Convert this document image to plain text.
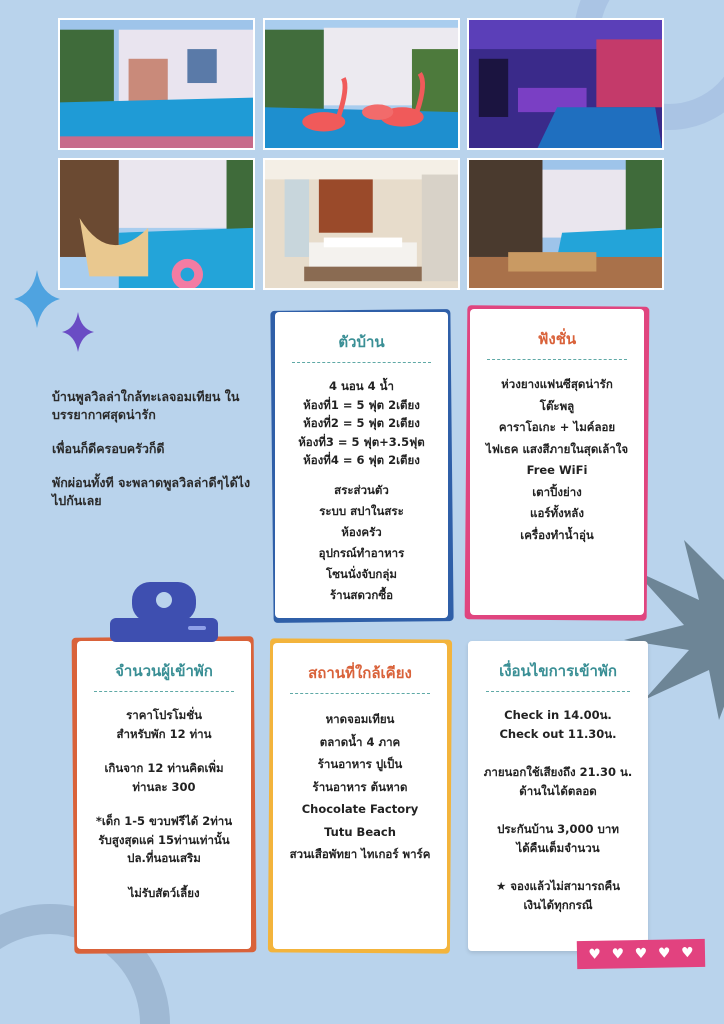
บ้านพูลวิลล่าใกล้ทะเลจอมเทียน ในบรรยากาศสุดน่ารัก

เพื่อนก็ดีครอบครัวก็ดี

พักผ่อนทั้งที จะพลาดพูลวิลล่าดีๆได้ไง ไปกันเลย

ตัวบ้าน
4 นอน 4 น้ำ
ห้องที่1 = 5 ฟุต 2เตียง
ห้องที่2 = 5 ฟุต 2เตียง
ห้องที่3 = 5 ฟุต+3.5ฟุต
ห้องที่4 = 6 ฟุต 2เตียง
สระส่วนตัว
ระบบ สปาในสระ
ห้องครัว
อุปกรณ์ทำอาหาร
โซนนั่งจับกลุ่ม
ร้านสดวกซื้อ
ฟังชั่น
ห่วงยางแฟนซีสุดน่ารัก
โต๊ะพลู
คาราโอเกะ + ไมค์ลอย
ไฟเธค แสงสีภายในสุดเล้าใจ
Free WiFi
เตาปิ้งย่าง
แอร์ทั้งหลัง
เครื่องทำน้ำอุ่น
จำนวนผู้เข้าพัก
ราคาโปรโมชั่น
สำหรับพัก 12 ท่าน
เกินจาก 12 ท่านคิดเพิ่ม
ท่านละ 300
*เด็ก 1-5 ขวบฟรีได้ 2ท่าน
รับสูงสุดแค่ 15ท่านเท่านั้น
ปล.ที่นอนเสริม
ไม่รับสัตว์เลี้ยง
สถานที่ใกล้เคียง
หาดจอมเทียน
ตลาดน้ำ 4 ภาค
ร้านอาหาร ปูเป็น
ร้านอาหาร ต้นหาด
Chocolate Factory
Tutu Beach
สวนเสือพัทยา ไทเกอร์ พาร์ค
เงื่อนไขการเข้าพัก
Check in 14.00น.
Check out 11.30น.
ภายนอกใช้เสียงถึง 21.30 น.
ด้านในได้ตลอด
ประกันบ้าน 3,000 บาท
ได้คืนเต็มจำนวน
★ จองแล้วไม่สามารถคืน
เงินได้ทุกกรณี
♥ ♥ ♥ ♥ ♥
